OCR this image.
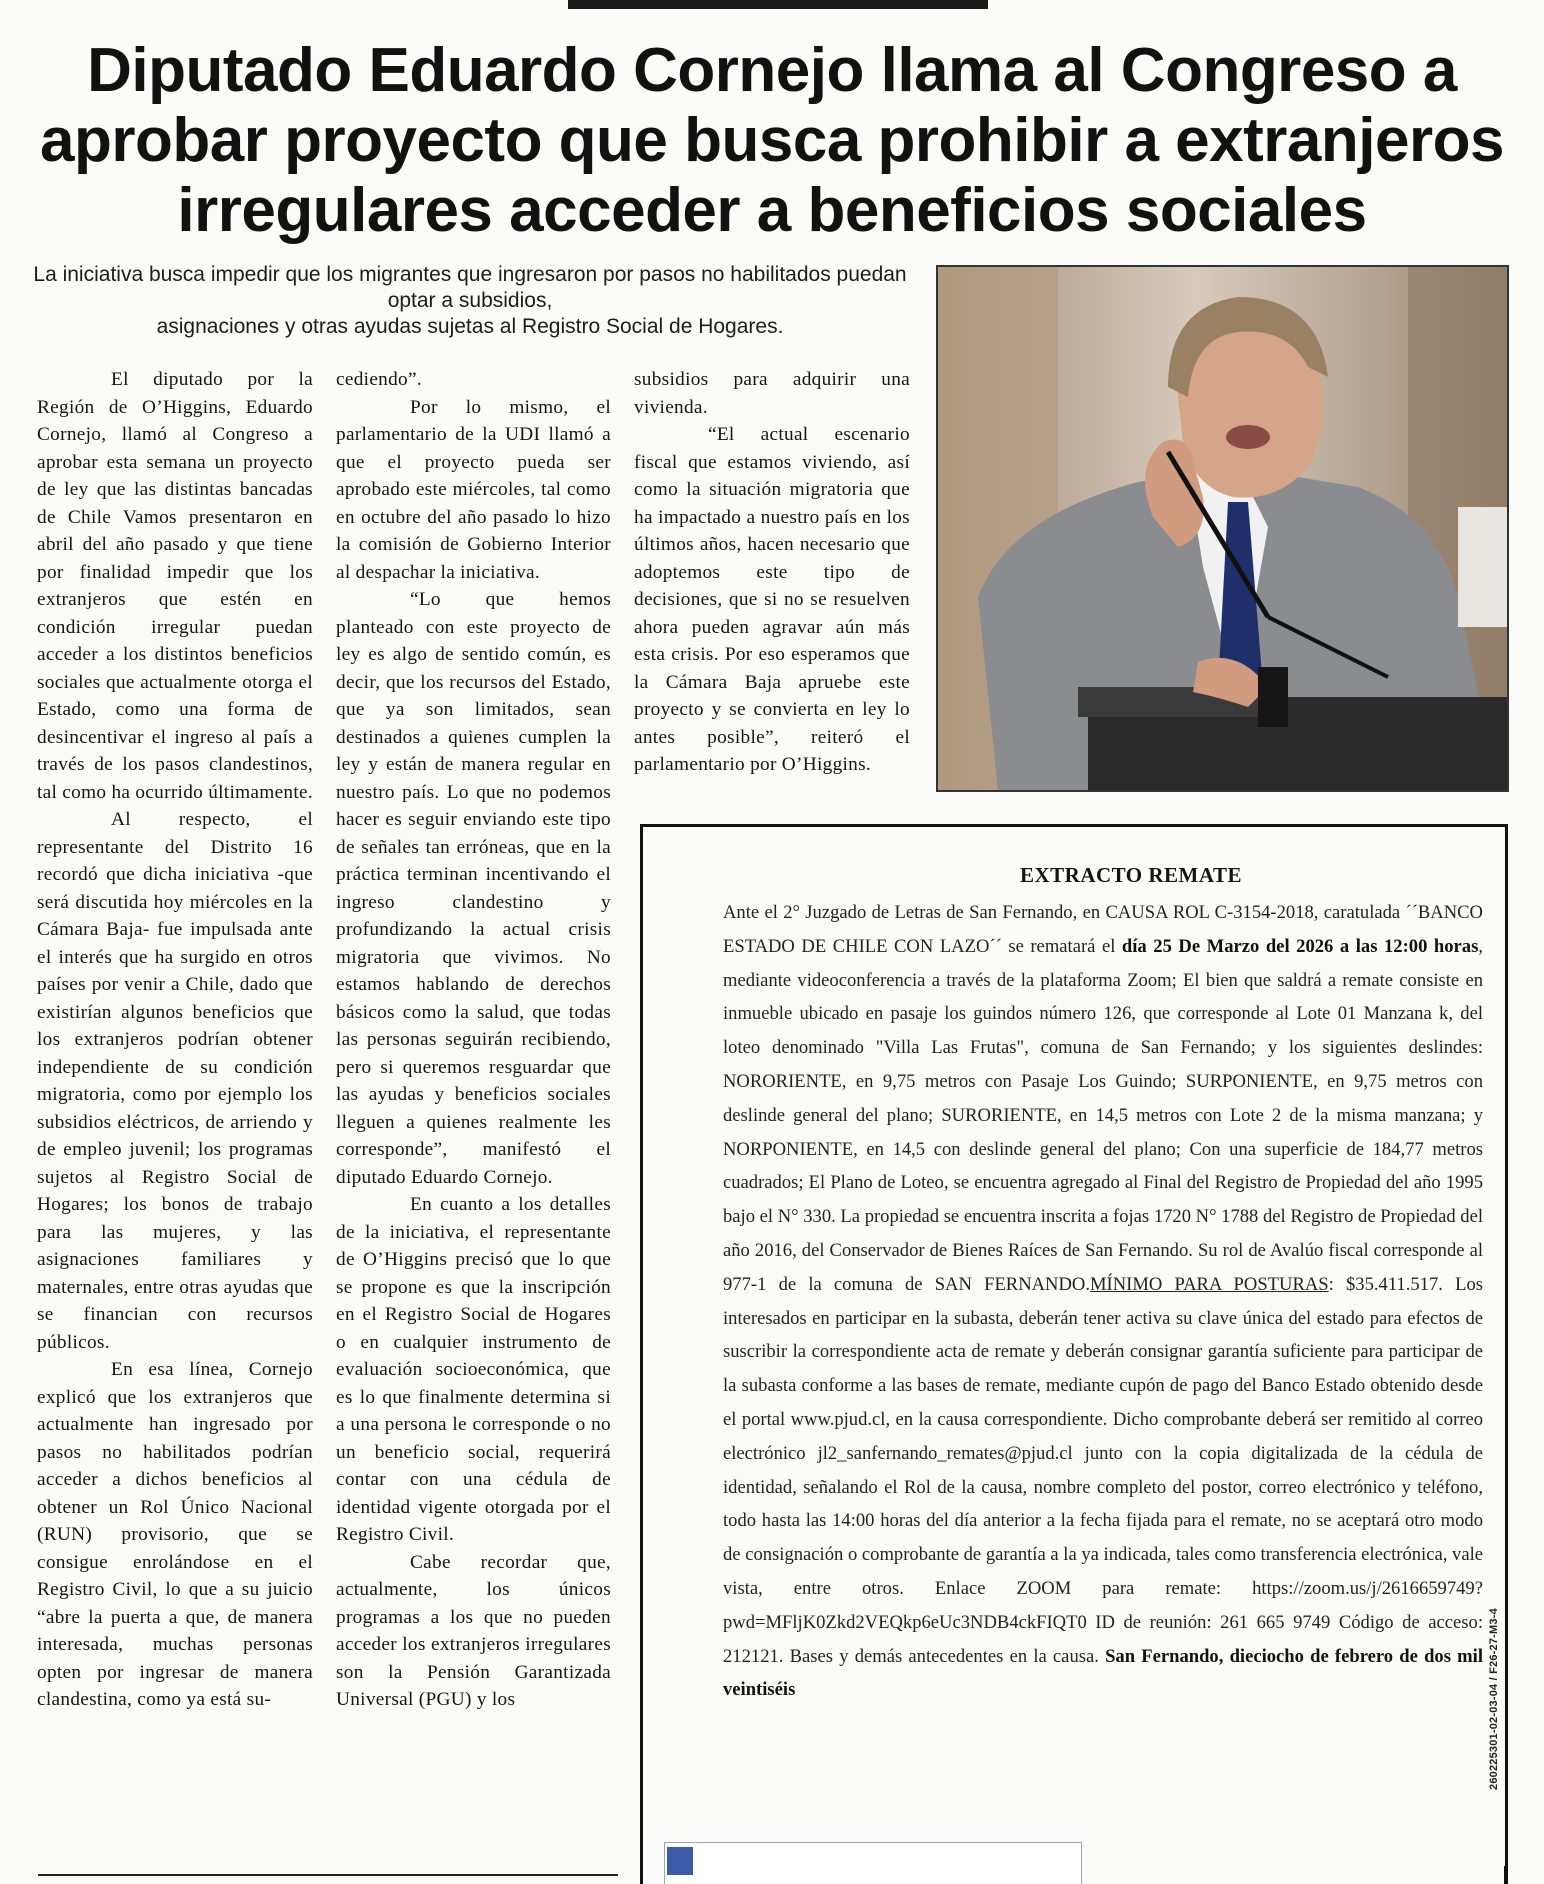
Diputado Eduardo Cornejo llama al Congreso a aprobar proyecto que busca prohibir a extranjeros irregulares acceder a beneficios sociales

La iniciativa busca impedir que los migrantes que ingresaron por pasos no habilitados puedan optar a subsidios,
asignaciones y otras ayudas sujetas al Registro Social de Hogares.

El diputado por la Región de O’Higgins, Eduardo Cornejo, llamó al Congreso a aprobar esta semana un proyecto de ley que las distintas bancadas de Chile Vamos presentaron en abril del año pasado y que tiene por finalidad impedir que los extranjeros que estén en condición irregular puedan acceder a los distintos beneficios sociales que actualmente otorga el Estado, como una forma de desincentivar el ingreso al país a través de los pasos clandestinos, tal como ha ocurrido últimamente.

Al respecto, el representante del Distrito 16 recordó que dicha iniciativa -que será discutida hoy miércoles en la Cámara Baja- fue impulsada ante el interés que ha surgido en otros países por venir a Chile, dado que existirían algunos beneficios que los extranjeros podrían obtener independiente de su condición migratoria, como por ejemplo los subsidios eléctricos, de arriendo y de empleo juvenil; los programas sujetos al Registro Social de Hogares; los bonos de trabajo para las mujeres, y las asignaciones familiares y maternales, entre otras ayudas que se financian con recursos públicos.

En esa línea, Cornejo explicó que los extranjeros que actualmente han ingresado por pasos no habilitados podrían acceder a dichos beneficios al obtener un Rol Único Nacional (RUN) provisorio, que se consigue enrolándose en el Registro Civil, lo que a su juicio “abre la puerta a que, de manera interesada, muchas personas opten por ingresar de manera clandestina, como ya está su-

cediendo”.

Por lo mismo, el parlamentario de la UDI llamó a que el proyecto pueda ser aprobado este miércoles, tal como en octubre del año pasado lo hizo la comisión de Gobierno Interior al despachar la iniciativa.

“Lo que hemos planteado con este proyecto de ley es algo de sentido común, es decir, que los recursos del Estado, que ya son limitados, sean destinados a quienes cumplen la ley y están de manera regular en nuestro país. Lo que no podemos hacer es seguir enviando este tipo de señales tan erróneas, que en la práctica terminan incentivando el ingreso clandestino y profundizando la actual crisis migratoria que vivimos. No estamos hablando de derechos básicos como la salud, que todas las personas seguirán recibiendo, pero si queremos resguardar que las ayudas y beneficios sociales lleguen a quienes realmente les corresponde”, manifestó el diputado Eduardo Cornejo.

En cuanto a los detalles de la iniciativa, el representante de O’Higgins precisó que lo que se propone es que la inscripción en el Registro Social de Hogares o en cualquier instrumento de evaluación socioeconómica, que es lo que finalmente determina si a una persona le corresponde o no un beneficio social, requerirá contar con una cédula de identidad vigente otorgada por el Registro Civil.

Cabe recordar que, actualmente, los únicos programas a los que no pueden acceder los extranjeros irregulares son la Pensión Garantizada Universal (PGU) y los

subsidios para adquirir una vivienda.

“El actual escenario fiscal que estamos viviendo, así como la situación migratoria que ha impactado a nuestro país en los últimos años, hacen necesario que adoptemos este tipo de decisiones, que si no se resuelven ahora pueden agravar aún más esta crisis. Por eso esperamos que la Cámara Baja apruebe este proyecto y se convierta en ley lo antes posible”, reiteró el parlamentario por O’Higgins.

EXTRACTO REMATE

Ante el 2° Juzgado de Letras de San Fernando, en CAUSA ROL C-3154-2018, caratulada ´´BANCO ESTADO DE CHILE CON LAZO´´ se rematará el día 25 De Marzo del 2026 a las 12:00 horas, mediante videoconferencia a través de la plataforma Zoom; El bien que saldrá a remate consiste en inmueble ubicado en pasaje los guindos número 126, que corresponde al Lote 01 Manzana k, del loteo denominado "Villa Las Frutas", comuna de San Fernando; y los siguientes deslindes: NORORIENTE, en 9,75 metros con Pasaje Los Guindo; SURPONIENTE, en 9,75 metros con deslinde general del plano; SURORIENTE, en 14,5 metros con Lote 2 de la misma manzana; y NORPONIENTE, en 14,5 con deslinde general del plano; Con una superficie de 184,77 metros cuadrados; El Plano de Loteo, se encuentra agregado al Final del Registro de Propiedad del año 1995 bajo el N° 330. La propiedad se encuentra inscrita a fojas 1720 N° 1788 del Registro de Propiedad del año 2016, del Conservador de Bienes Raíces de San Fernando. Su rol de Avalúo fiscal corresponde al 977-1 de la comuna de SAN FERNANDO.MÍNIMO PARA POSTURAS: $35.411.517. Los interesados en participar en la subasta, deberán tener activa su clave única del estado para efectos de suscribir la correspondiente acta de remate y deberán consignar garantía suficiente para participar de la subasta conforme a las bases de remate, mediante cupón de pago del Banco Estado obtenido desde el portal www.pjud.cl, en la causa correspondiente. Dicho comprobante deberá ser remitido al correo electrónico jl2_sanfernando_remates@pjud.cl junto con la copia digitalizada de la cédula de identidad, señalando el Rol de la causa, nombre completo del postor, correo electrónico y teléfono, todo hasta las 14:00 horas del día anterior a la fecha fijada para el remate, no se aceptará otro modo de consignación o comprobante de garantía a la ya indicada, tales como transferencia electrónica, vale vista, entre otros. Enlace ZOOM para remate: https://zoom.us/j/2616659749?pwd=MFljK0Zkd2VEQkp6eUc3NDB4ckFIQT0 ID de reunión: 261 665 9749 Código de acceso: 212121. Bases y demás antecedentes en la causa. San Fernando, dieciocho de febrero de dos mil veintiséis	260225301-02-03-04 / F26-27-M3-4
